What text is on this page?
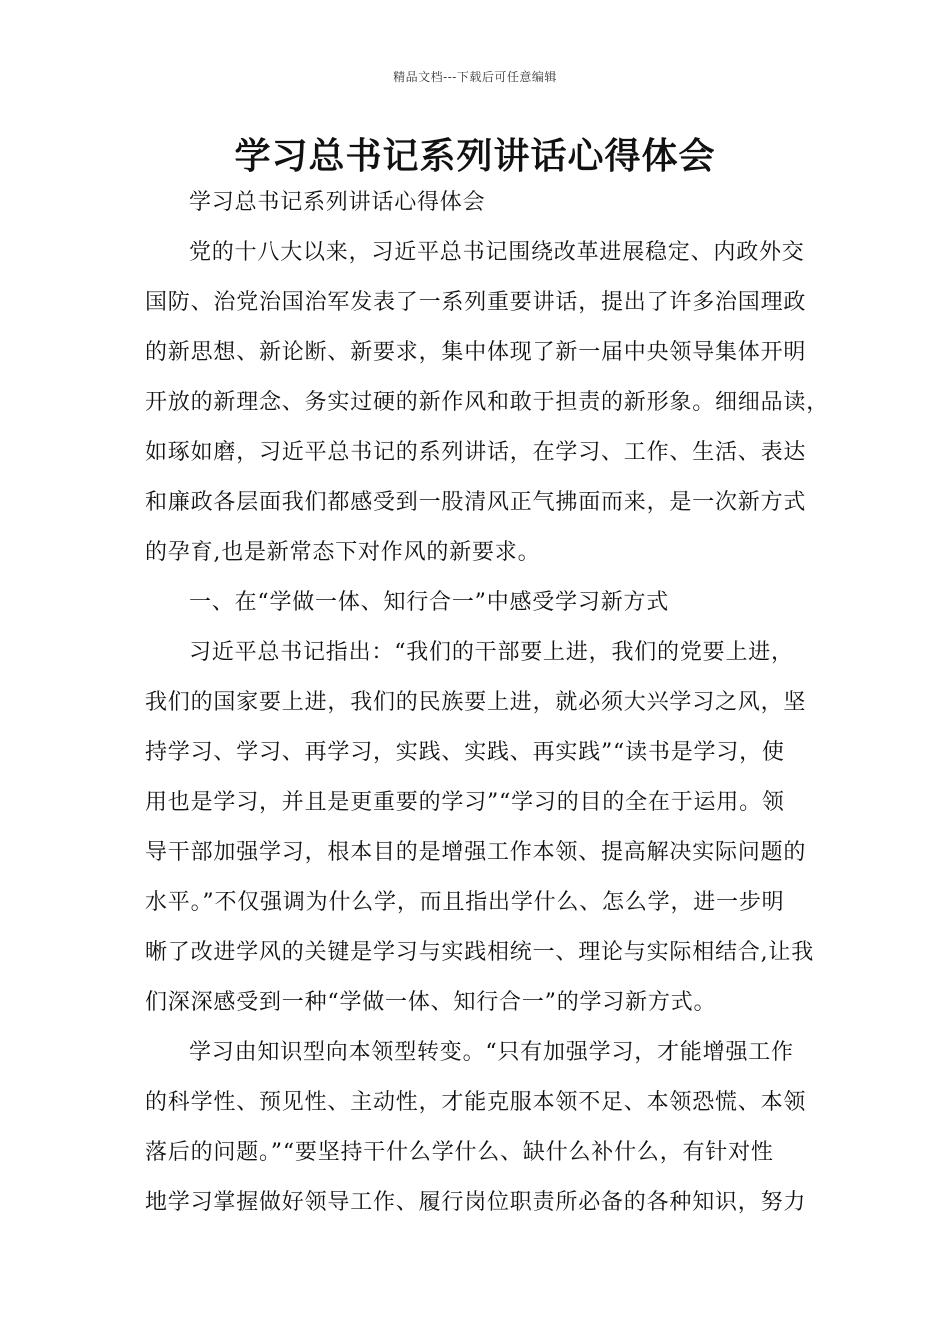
精品文档---下载后可任意编辑
学习总书记系列讲话心得体会
学习总书记系列讲话心得体会
党的十八大以来，习近平总书记围绕改革进展稳定、内政外交
国防、治党治国治军发表了一系列重要讲话，提出了许多治国理政
的新思想、新论断、新要求，集中体现了新一届中央领导集体开明
开放的新理念、务实过硬的新作风和敢于担责的新形象。细细品读，
如琢如磨，习近平总书记的系列讲话，在学习、工作、生活、表达
和廉政各层面我们都感受到一股清风正气拂面而来，是一次新方式
的孕育,也是新常态下对作风的新要求。
一、在“学做一体、知行合一”中感受学习新方式
习近平总书记指出：“我们的干部要上进，我们的党要上进，
我们的国家要上进，我们的民族要上进，就必须大兴学习之风，坚
持学习、学习、再学习，实践、实践、再实践”“读书是学习，使
用也是学习，并且是更重要的学习”“学习的目的全在于运用。领
导干部加强学习，根本目的是增强工作本领、提高解决实际问题的
水平。”不仅强调为什么学，而且指出学什么、怎么学，进一步明
晰了改进学风的关键是学习与实践相统一、理论与实际相结合,让我
们深深感受到一种“学做一体、知行合一”的学习新方式。
学习由知识型向本领型转变。“只有加强学习，才能增强工作
的科学性、预见性、主动性，才能克服本领不足、本领恐慌、本领
落后的问题。”“要坚持干什么学什么、缺什么补什么，有针对性
地学习掌握做好领导工作、履行岗位职责所必备的各种知识，努力
